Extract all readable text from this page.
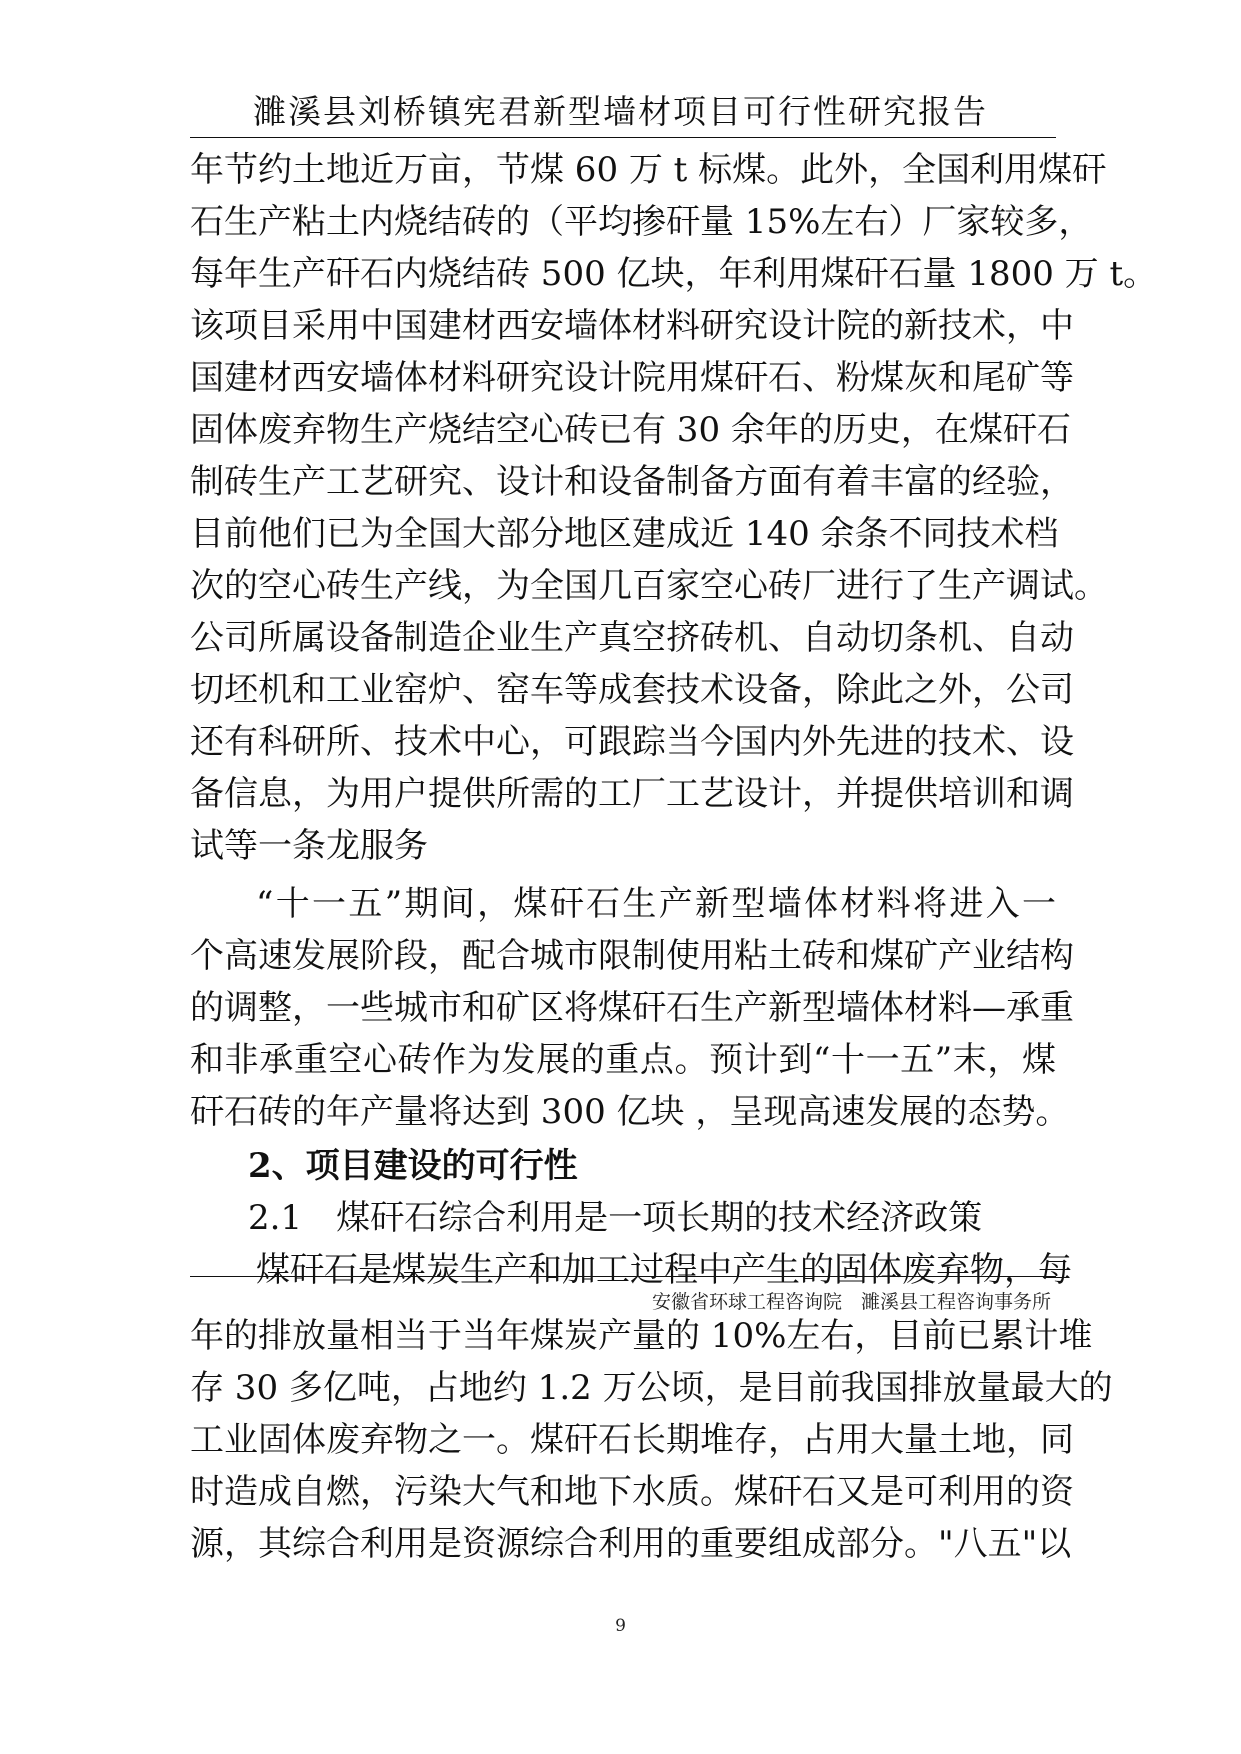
濉溪县刘桥镇宪君新型墙材项目可行性研究报告
年节约土地近万亩，节煤 60 万 t 标煤。此外，全国利用煤矸
石生产粘土内烧结砖的（平均掺矸量 15%左右）厂家较多，
每年生产矸石内烧结砖 500 亿块，年利用煤矸石量 1800 万 t。
该项目采用中国建材西安墙体材料研究设计院的新技术，中
国建材西安墙体材料研究设计院用煤矸石、粉煤灰和尾矿等
固体废弃物生产烧结空心砖已有 30 余年的历史，在煤矸石
制砖生产工艺研究、设计和设备制备方面有着丰富的经验，
目前他们已为全国大部分地区建成近 140 余条不同技术档
次的空心砖生产线，为全国几百家空心砖厂进行了生产调试。
公司所属设备制造企业生产真空挤砖机、自动切条机、自动
切坯机和工业窑炉、窑车等成套技术设备，除此之外，公司
还有科研所、技术中心，可跟踪当今国内外先进的技术、设
备信息，为用户提供所需的工厂工艺设计，并提供培训和调
试等一条龙服务
“十一五”期间，煤矸石生产新型墙体材料将进入一
个高速发展阶段，配合城市限制使用粘土砖和煤矿产业结构
的调整，一些城市和矿区将煤矸石生产新型墙体材料—承重
和非承重空心砖作为发展的重点。预计到“十一五”末，煤
矸石砖的年产量将达到 300 亿块 ，呈现高速发展的态势。
2、项目建设的可行性
2.1　煤矸石综合利用是一项长期的技术经济政策
煤矸石是煤炭生产和加工过程中产生的固体废弃物，每
年的排放量相当于当年煤炭产量的 10%左右，目前已累计堆
存 30 多亿吨，占地约 1.2 万公顷，是目前我国排放量最大的
工业固体废弃物之一。煤矸石长期堆存，占用大量土地，同
时造成自燃，污染大气和地下水质。煤矸石又是可利用的资
源，其综合利用是资源综合利用的重要组成部分。"八五"以
安徽省环球工程咨询院　濉溪县工程咨询事务所
9
